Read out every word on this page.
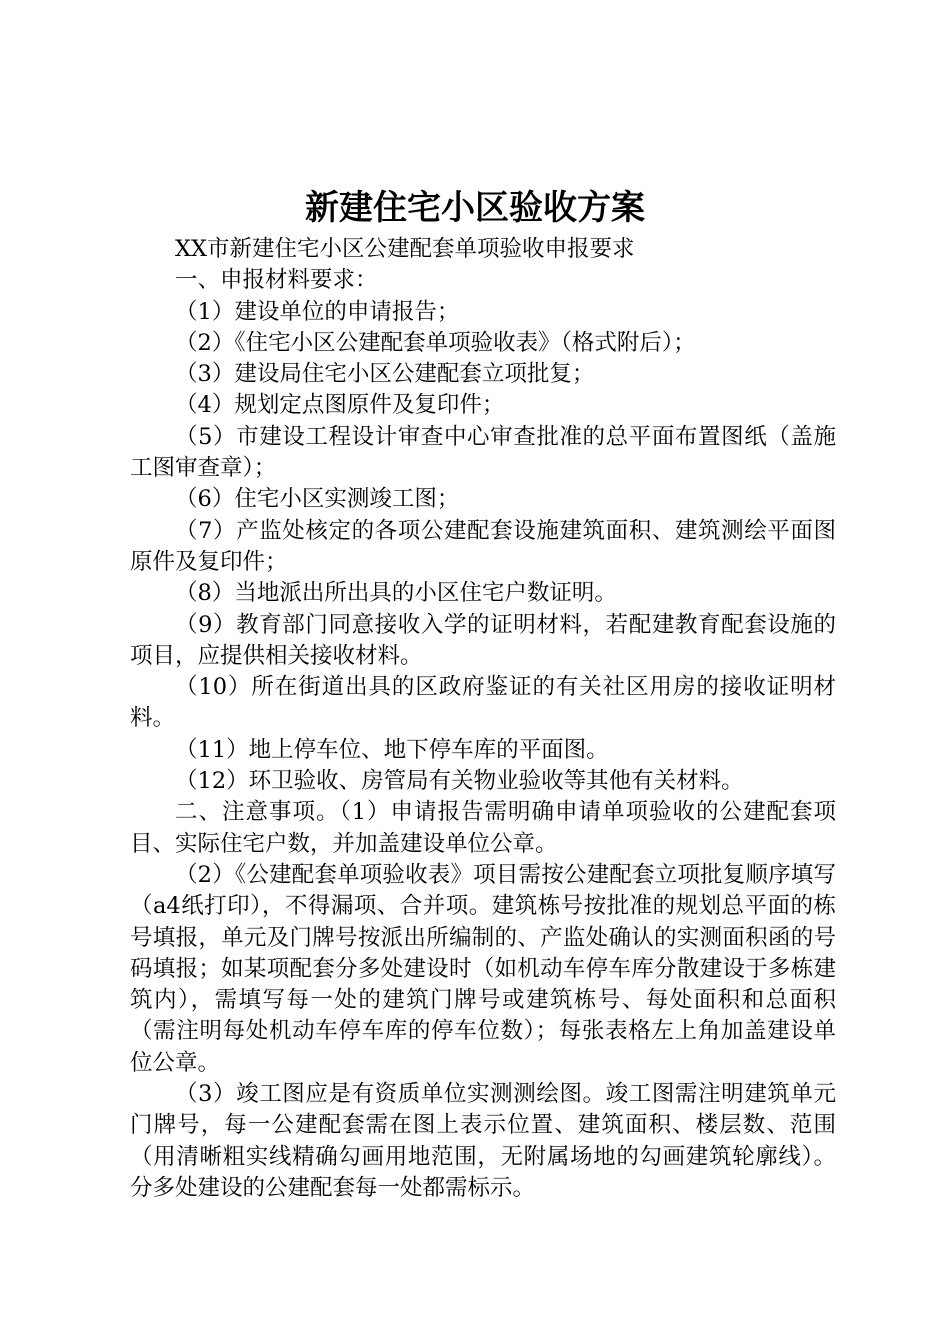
新建住宅小区验收方案

XX市新建住宅小区公建配套单项验收申报要求

一、申报材料要求：

（1）建设单位的申请报告；

（2）《住宅小区公建配套单项验收表》（格式附后）；

（3）建设局住宅小区公建配套立项批复；

（4）规划定点图原件及复印件；

（5）市建设工程设计审查中心审查批准的总平面布置图纸（盖施工图审查章）；

（6）住宅小区实测竣工图；

（7）产监处核定的各项公建配套设施建筑面积、建筑测绘平面图原件及复印件；

（8）当地派出所出具的小区住宅户数证明。

（9）教育部门同意接收入学的证明材料，若配建教育配套设施的项目，应提供相关接收材料。

（10）所在街道出具的区政府鉴证的有关社区用房的接收证明材料。

（11）地上停车位、地下停车库的平面图。

（12）环卫验收、房管局有关物业验收等其他有关材料。

二、注意事项。（1）申请报告需明确申请单项验收的公建配套项目、实际住宅户数，并加盖建设单位公章。

（2）《公建配套单项验收表》项目需按公建配套立项批复顺序填写（a4纸打印），不得漏项、合并项。建筑栋号按批准的规划总平面的栋号填报，单元及门牌号按派出所编制的、产监处确认的实测面积函的号码填报；如某项配套分多处建设时（如机动车停车库分散建设于多栋建筑内），需填写每一处的建筑门牌号或建筑栋号、每处面积和总面积（需注明每处机动车停车库的停车位数）；每张表格左上角加盖建设单位公章。

（3）竣工图应是有资质单位实测测绘图。竣工图需注明建筑单元门牌号，每一公建配套需在图上表示位置、建筑面积、楼层数、范围（用清晰粗实线精确勾画用地范围，无附属场地的勾画建筑轮廓线）。分多处建设的公建配套每一处都需标示。
